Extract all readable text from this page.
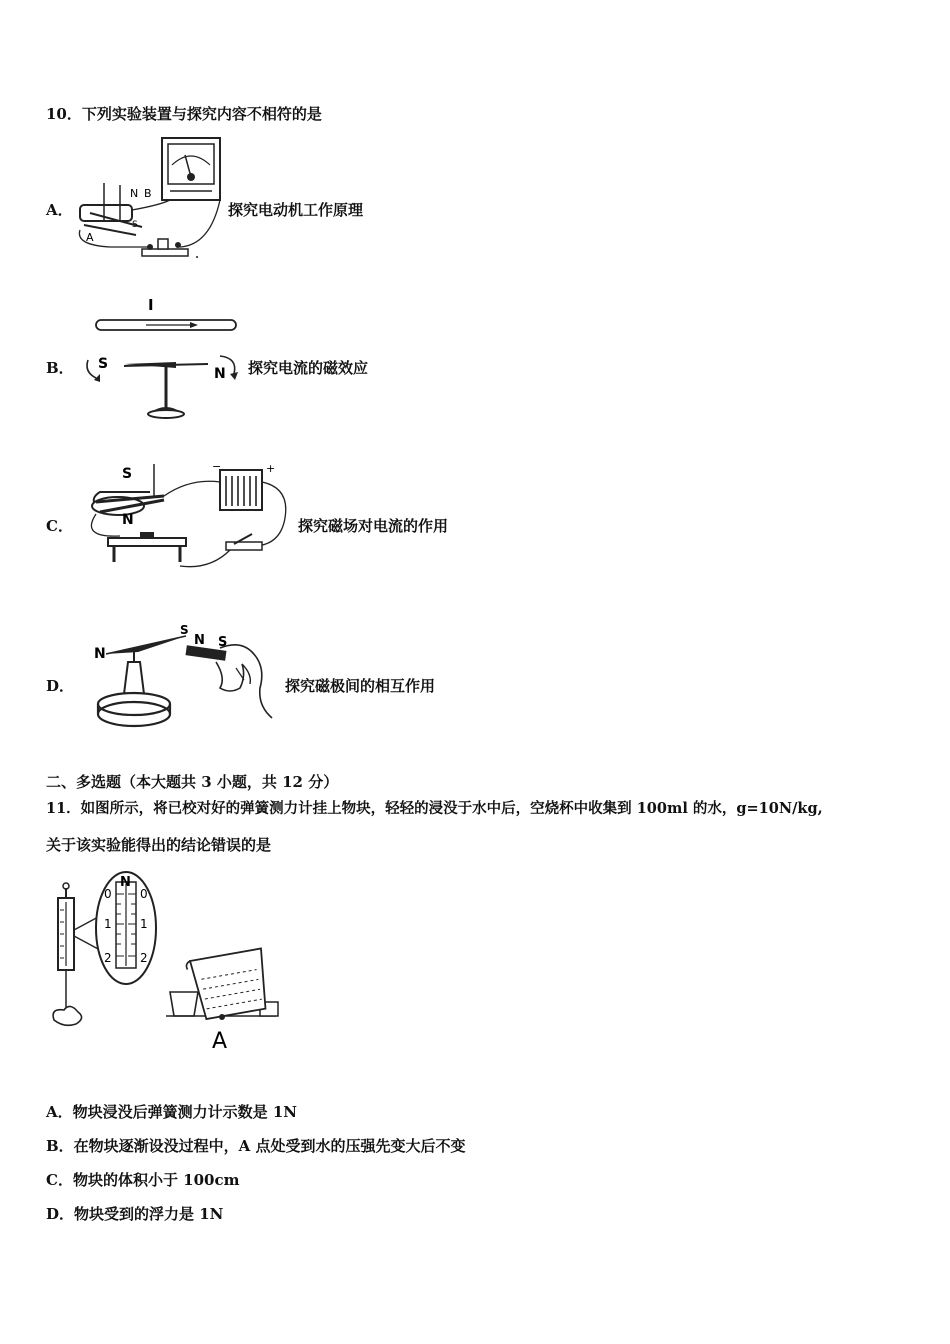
10．下列实验装置与探究内容不相符的是
A．
N B
A
S
探究电动机工作原理
B．
I
S
N 探究电流的磁效应
C．
S
N
−	+
探究磁场对电流的作用
D．
N
S
N S
探究磁极间的相互作用
二、多选题（本大题共 3 小题，共 12 分）
11．如图所示，将已校对好的弹簧测力计挂上物块，轻轻的浸没于水中后，空烧杯中收集到 100ml 的水，g=10N/kg,
关于该实验能得出的结论错误的是
N
0 0
1 1
2 2
A
A．物块浸没后弹簧测力计示数是 1N
B．在物块逐渐设没过程中，A 点处受到水的压强先变大后不变
C．物块的体积小于 100cm
D．物块受到的浮力是 1N
